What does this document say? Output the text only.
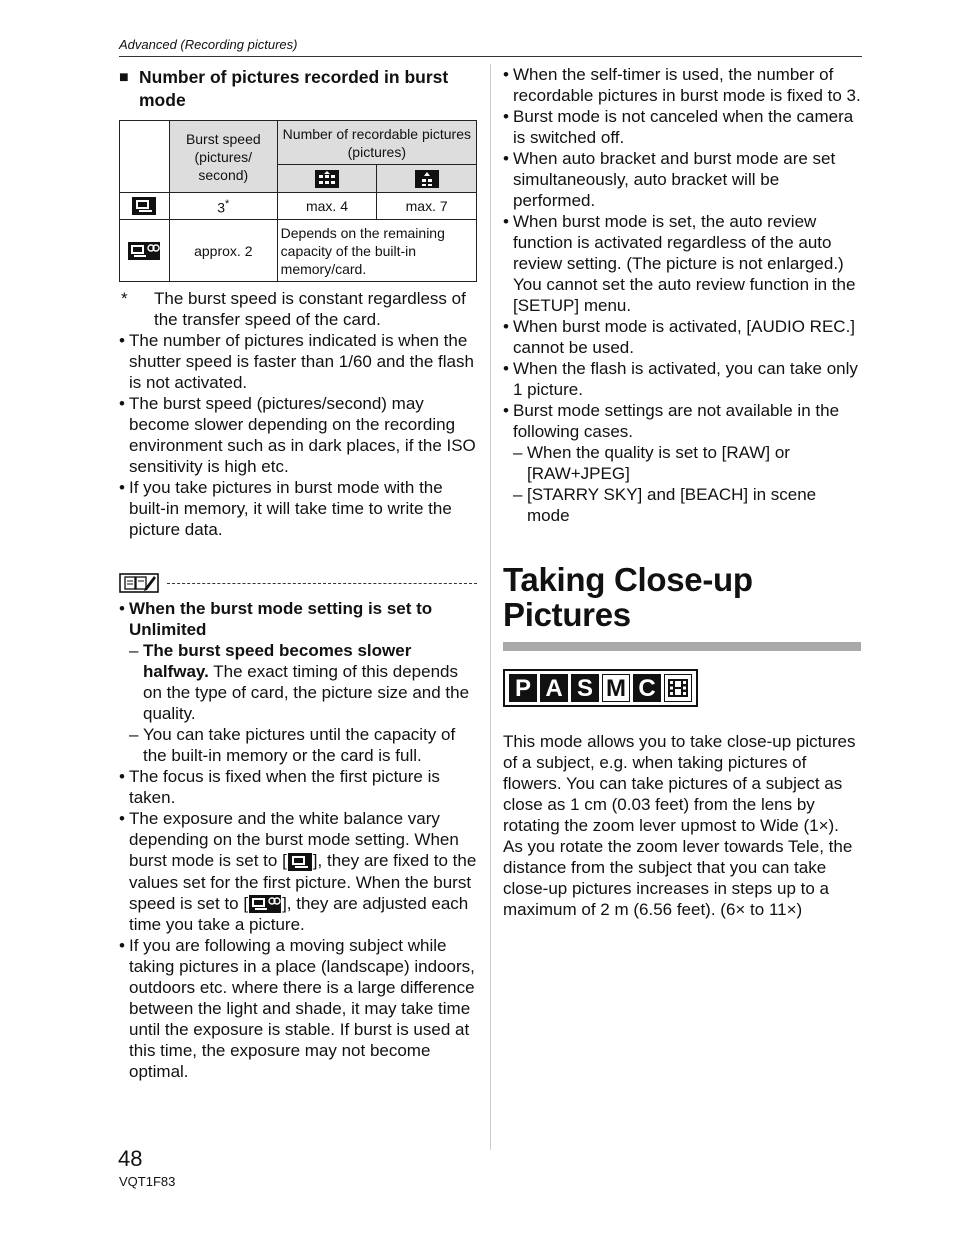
Advanced (Recording pictures)
■ Number of pictures recorded in burst mode
	Burst speed (pictures/ second)	Number of recordable pictures (pictures)	

	3*	max. 4	max. 7
	approx. 2	Depends on the remaining capacity of the built-in memory/card.	
*	The burst speed is constant regardless of the transfer speed of the card.
• The number of pictures indicated is when the shutter speed is faster than 1/60 and the flash is not activated.
• The burst speed (pictures/second) may become slower depending on the recording environment such as in dark places, if the ISO sensitivity is high etc.
• If you take pictures in burst mode with the built-in memory, it will take time to write the picture data.
• When the burst mode setting is set to Unlimited
– The burst speed becomes slower halfway. The exact timing of this depends on the type of card, the picture size and the quality.
– You can take pictures until the capacity of the built-in memory or the card is full.
• The focus is fixed when the first picture is taken.
• The exposure and the white balance vary depending on the burst mode setting. When burst mode is set to [ ], they are fixed to the values set for the first picture. When the burst speed is set to [ ], they are adjusted each time you take a picture.
• If you are following a moving subject while taking pictures in a place (landscape) indoors, outdoors etc. where there is a large difference between the light and shade, it may take time until the exposure is stable. If burst is used at this time, the exposure may not become optimal.
• When the self-timer is used, the number of recordable pictures in burst mode is fixed to 3.
• Burst mode is not canceled when the camera is switched off.
• When auto bracket and burst mode are set simultaneously, auto bracket will be performed.
• When burst mode is set, the auto review function is activated regardless of the auto review setting. (The picture is not enlarged.) You cannot set the auto review function in the [SETUP] menu.
• When burst mode is activated, [AUDIO REC.] cannot be used.
• When the flash is activated, you can take only 1 picture.
• Burst mode settings are not available in the following cases.
– When the quality is set to [RAW] or [RAW+JPEG]
– [STARRY SKY] and [BEACH] in scene mode
Taking Close-up Pictures
P A S M C
This mode allows you to take close-up pictures of a subject, e.g. when taking pictures of flowers. You can take pictures of a subject as close as 1 cm (0.03 feet) from the lens by rotating the zoom lever upmost to Wide (1×).
As you rotate the zoom lever towards Tele, the distance from the subject that you can take close-up pictures increases in steps up to a maximum of 2 m (6.56 feet). (6× to 11×)
48
VQT1F83
